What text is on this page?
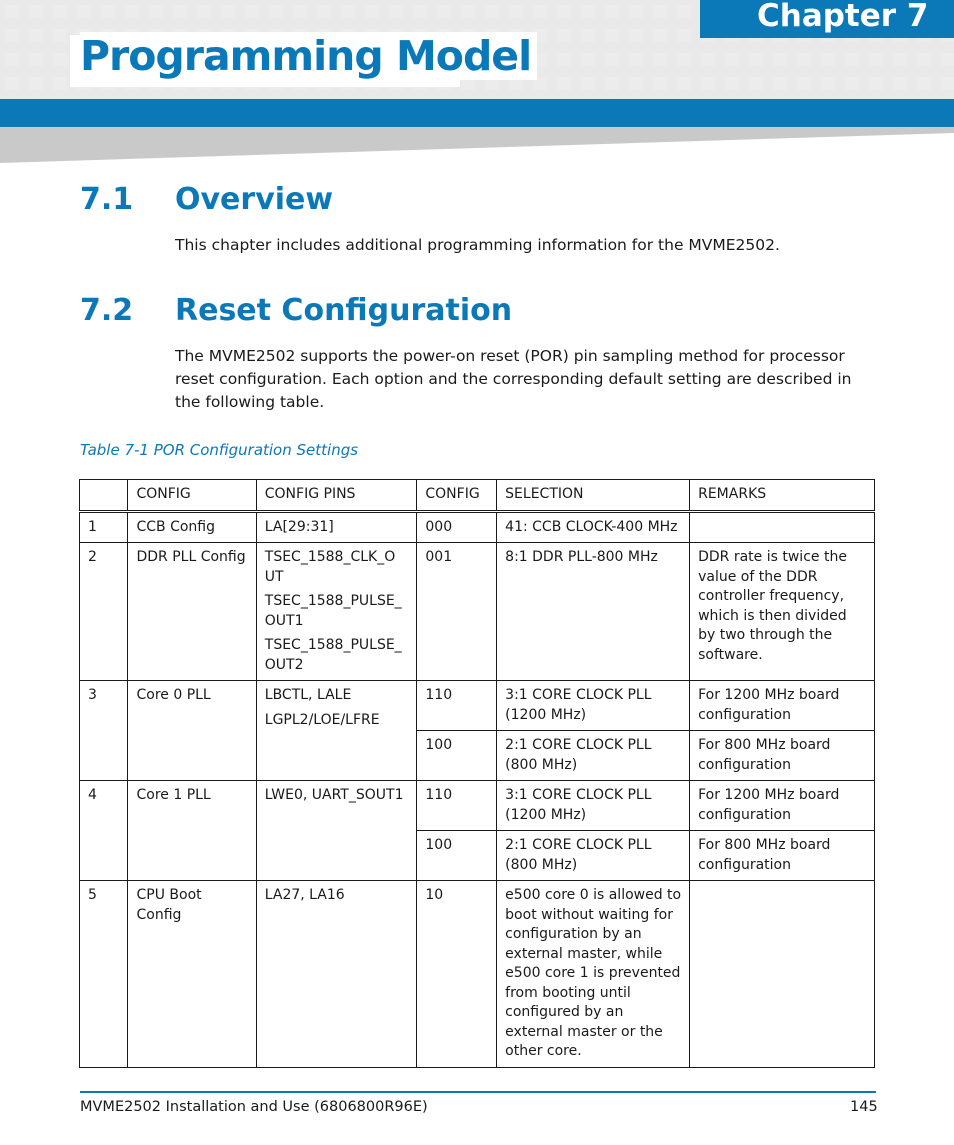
Chapter 7
Programming Model
7.1 Overview
This chapter includes additional programming information for the MVME2502.
7.2 Reset Configuration
The MVME2502 supports the power-on reset (POR) pin sampling method for processor reset configuration. Each option and the corresponding default setting are described in the following table.
Table 7-1 POR Configuration Settings
	CONFIG	CONFIG PINS	CONFIG	SELECTION	REMARKS
1	CCB Config	LA[29:31]	000	41: CCB CLOCK-400 MHz	
2	DDR PLL Config	TSEC_1588_CLK_O UT
TSEC_1588_PULSE_ OUT1
TSEC_1588_PULSE_ OUT2	001	8:1 DDR PLL-800 MHz	DDR rate is twice the value of the DDR controller frequency, which is then divided by two through the software.
3	Core 0 PLL	LBCTL, LALE
LGPL2/LOE/LFRE	110	3:1 CORE CLOCK PLL (1200 MHz)	For 1200 MHz board configuration
			100	2:1 CORE CLOCK PLL (800 MHz)	For 800 MHz board configuration
4	Core 1 PLL	LWE0, UART_SOUT1	110	3:1 CORE CLOCK PLL (1200 MHz)	For 1200 MHz board configuration
			100	2:1 CORE CLOCK PLL (800 MHz)	For 800 MHz board configuration
5	CPU Boot Config	LA27, LA16	10	e500 core 0 is allowed to boot without waiting for configuration by an external master, while e500 core 1 is prevented from booting until configured by an external master or the other core.	
MVME2502 Installation and Use (6806800R96E)	145
